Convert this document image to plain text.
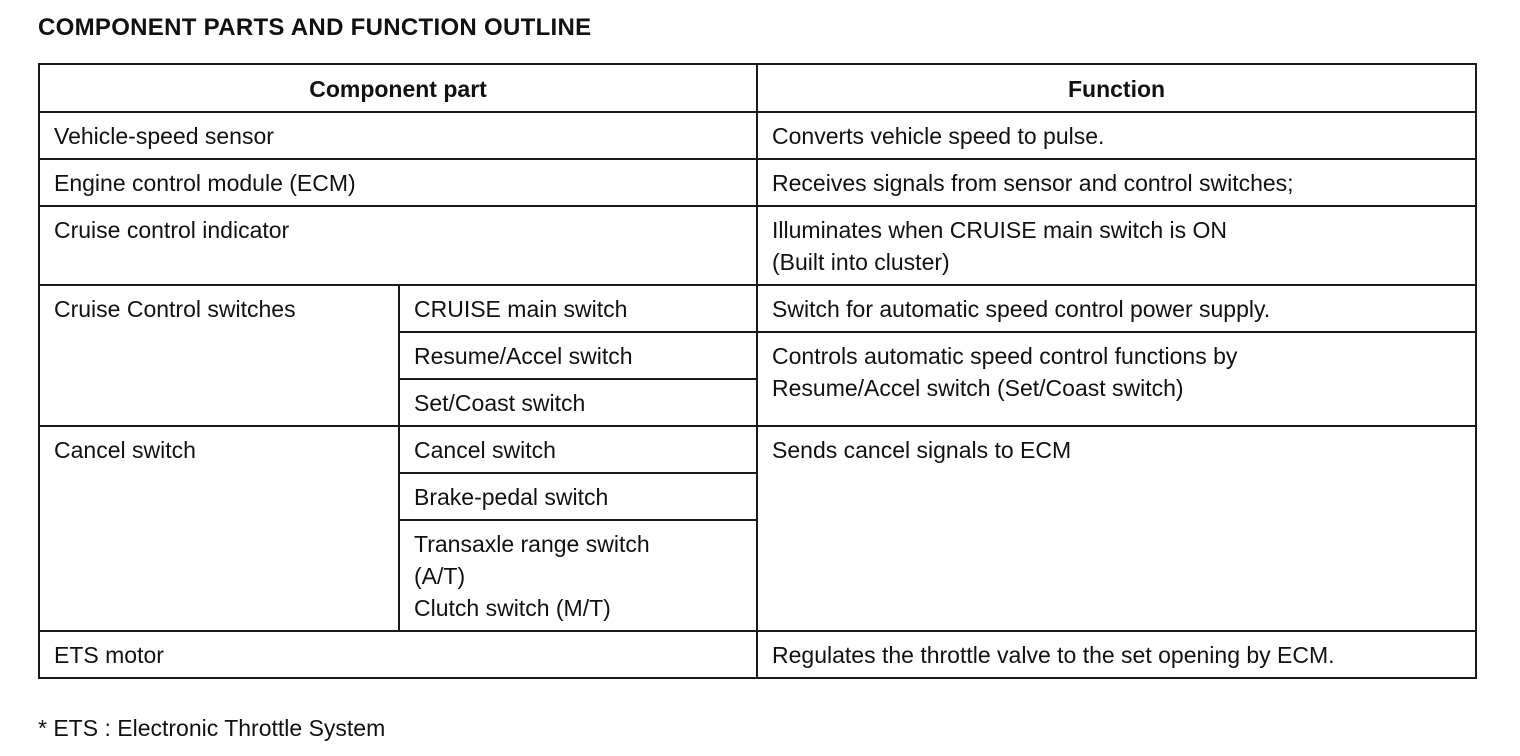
COMPONENT PARTS AND FUNCTION OUTLINE
Component part		Function
Vehicle-speed sensor		Converts vehicle speed to pulse.
Engine control module (ECM)		Receives signals from sensor and control switches;
Cruise control indicator		Illuminates when CRUISE main switch is ON
(Built into cluster)
Cruise Control switches	CRUISE main switch	Switch for automatic speed control power supply.
	Resume/Accel switch	Controls automatic speed control functions by
Resume/Accel switch (Set/Coast switch)
	Set/Coast switch	
Cancel switch	Cancel switch	Sends cancel signals to ECM
	Brake-pedal switch	
	Transaxle range switch
(A/T)
Clutch switch (M/T)	
ETS motor		Regulates the throttle valve to the set opening by ECM.
* ETS : Electronic Throttle System
